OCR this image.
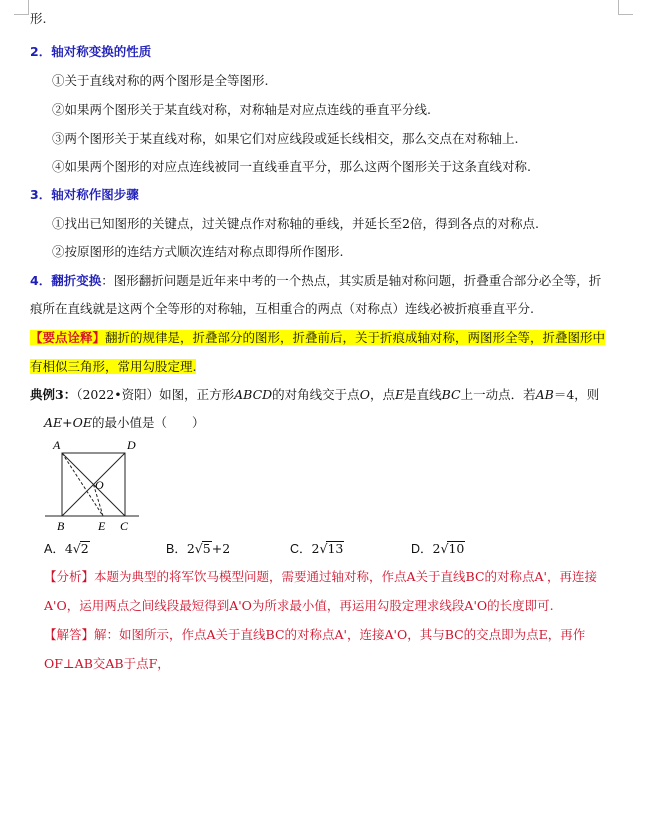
形.
2．轴对称变换的性质
①关于直线对称的两个图形是全等图形.
②如果两个图形关于某直线对称，对称轴是对应点连线的垂直平分线.
③两个图形关于某直线对称，如果它们对应线段或延长线相交，那么交点在对称轴上.
④如果两个图形的对应点连线被同一直线垂直平分，那么这两个图形关于这条直线对称.
3．轴对称作图步骤
①找出已知图形的关键点，过关键点作对称轴的垂线，并延长至2倍，得到各点的对称点.
②按原图形的连结方式顺次连结对称点即得所作图形.
4．翻折变换：图形翻折问题是近年来中考的一个热点，其实质是轴对称问题，折叠重合部分必全等，折
痕所在直线就是这两个全等形的对称轴，互相重合的两点（对称点）连线必被折痕垂直平分.
【要点诠释】翻折的规律是，折叠部分的图形，折叠前后，关于折痕成轴对称，两图形全等，折叠图形中
有相似三角形，常用勾股定理.
典例3：（2022•资阳）如图，正方形ABCD的对角线交于点O，点E是直线BC上一动点．若AB＝4，则
AE+OE的最小值是（　　）
A	D
O
B	E C
A．4√2	B．2√5+2	C．2√13	D．2√10
【分析】本题为典型的将军饮马模型问题，需要通过轴对称，作点A关于直线BC的对称点A'，再连接
A'O，运用两点之间线段最短得到A'O为所求最小值，再运用勾股定理求线段A'O的长度即可.
【解答】解：如图所示，作点A关于直线BC的对称点A'，连接A'O，其与BC的交点即为点E，再作
OF⊥AB交AB于点F，
